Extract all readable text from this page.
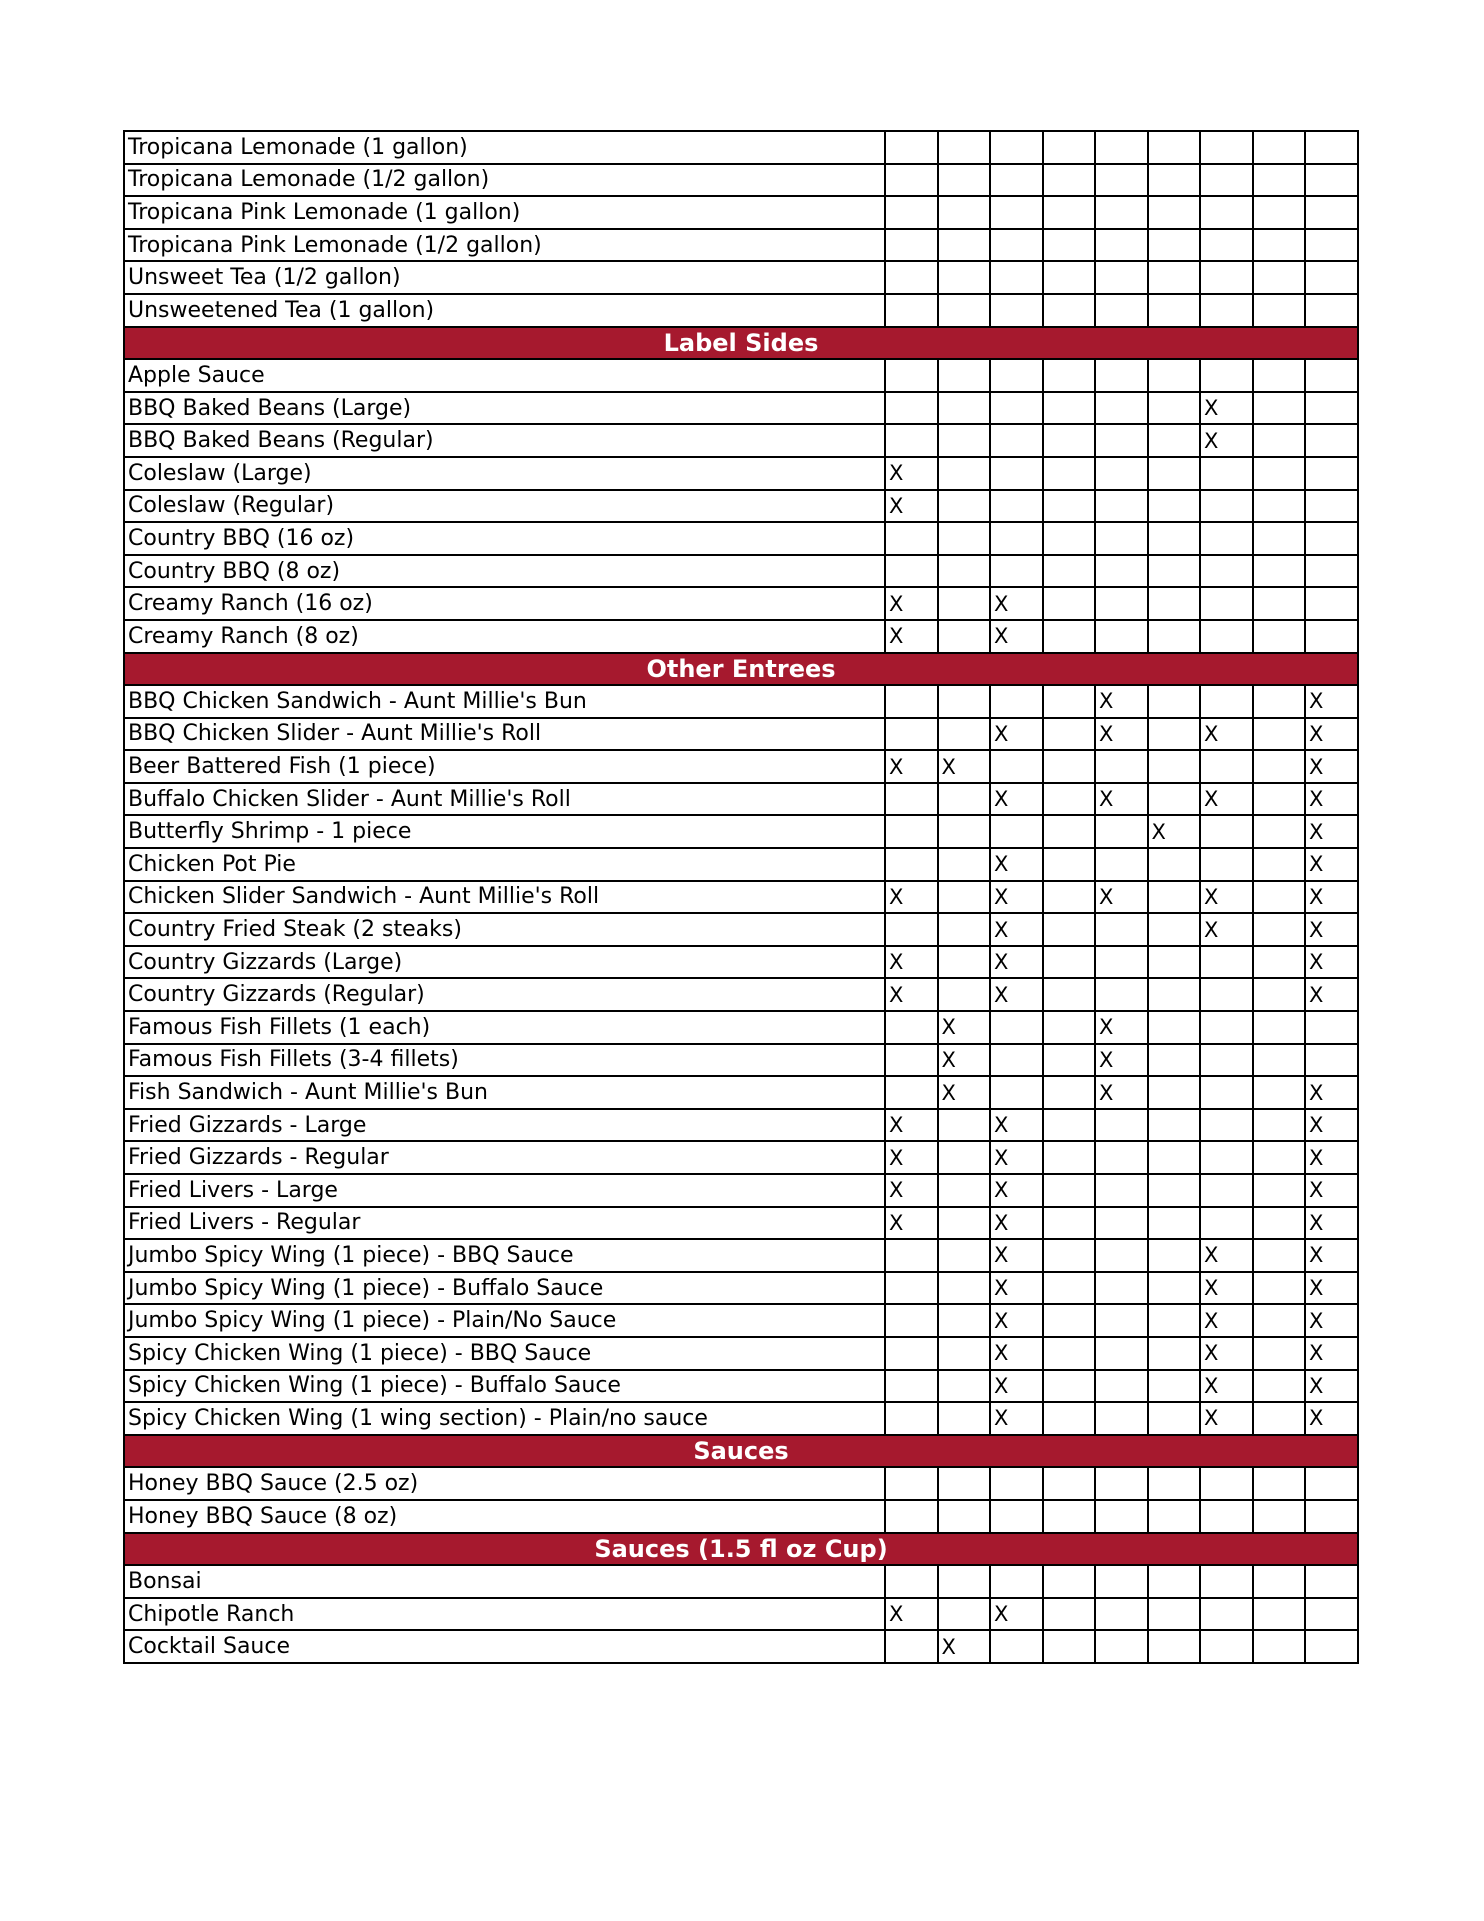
Tropicana Lemonade (1 gallon)									
Tropicana Lemonade (1/2 gallon)									
Tropicana Pink Lemonade (1 gallon)									
Tropicana Pink Lemonade (1/2 gallon)									
Unsweet Tea (1/2 gallon)									
Unsweetened Tea (1 gallon)									
Label Sides									
Apple Sauce									
BBQ Baked Beans (Large)							X		
BBQ Baked Beans (Regular)							X		
Coleslaw (Large)	X								
Coleslaw (Regular)	X								
Country BBQ (16 oz)									
Country BBQ (8 oz)									
Creamy Ranch (16 oz)	X		X						
Creamy Ranch (8 oz)	X		X						
Other Entrees									
BBQ Chicken Sandwich - Aunt Millie's Bun					X				X
BBQ Chicken Slider - Aunt Millie's Roll			X		X		X		X
Beer Battered Fish (1 piece)	X	X							X
Buffalo Chicken Slider - Aunt Millie's Roll			X		X		X		X
Butterfly Shrimp - 1 piece						X			X
Chicken Pot Pie			X						X
Chicken Slider Sandwich - Aunt Millie's Roll	X		X		X		X		X
Country Fried Steak (2 steaks)			X				X		X
Country Gizzards (Large)	X		X						X
Country Gizzards (Regular)	X		X						X
Famous Fish Fillets (1 each)		X			X				
Famous Fish Fillets (3-4 fillets)		X			X				
Fish Sandwich - Aunt Millie's Bun		X			X				X
Fried Gizzards - Large	X		X						X
Fried Gizzards - Regular	X		X						X
Fried Livers - Large	X		X						X
Fried Livers - Regular	X		X						X
Jumbo Spicy Wing (1 piece) - BBQ Sauce			X				X		X
Jumbo Spicy Wing (1 piece) - Buffalo Sauce			X				X		X
Jumbo Spicy Wing (1 piece) - Plain/No Sauce			X				X		X
Spicy Chicken Wing (1 piece) - BBQ Sauce			X				X		X
Spicy Chicken Wing (1 piece) - Buffalo Sauce			X				X		X
Spicy Chicken Wing (1 wing section) - Plain/no sauce			X				X		X
Sauces									
Honey BBQ Sauce (2.5 oz)									
Honey BBQ Sauce (8 oz)									
Sauces (1.5 fl oz Cup)									
Bonsai									
Chipotle Ranch	X		X						
Cocktail Sauce		X							
